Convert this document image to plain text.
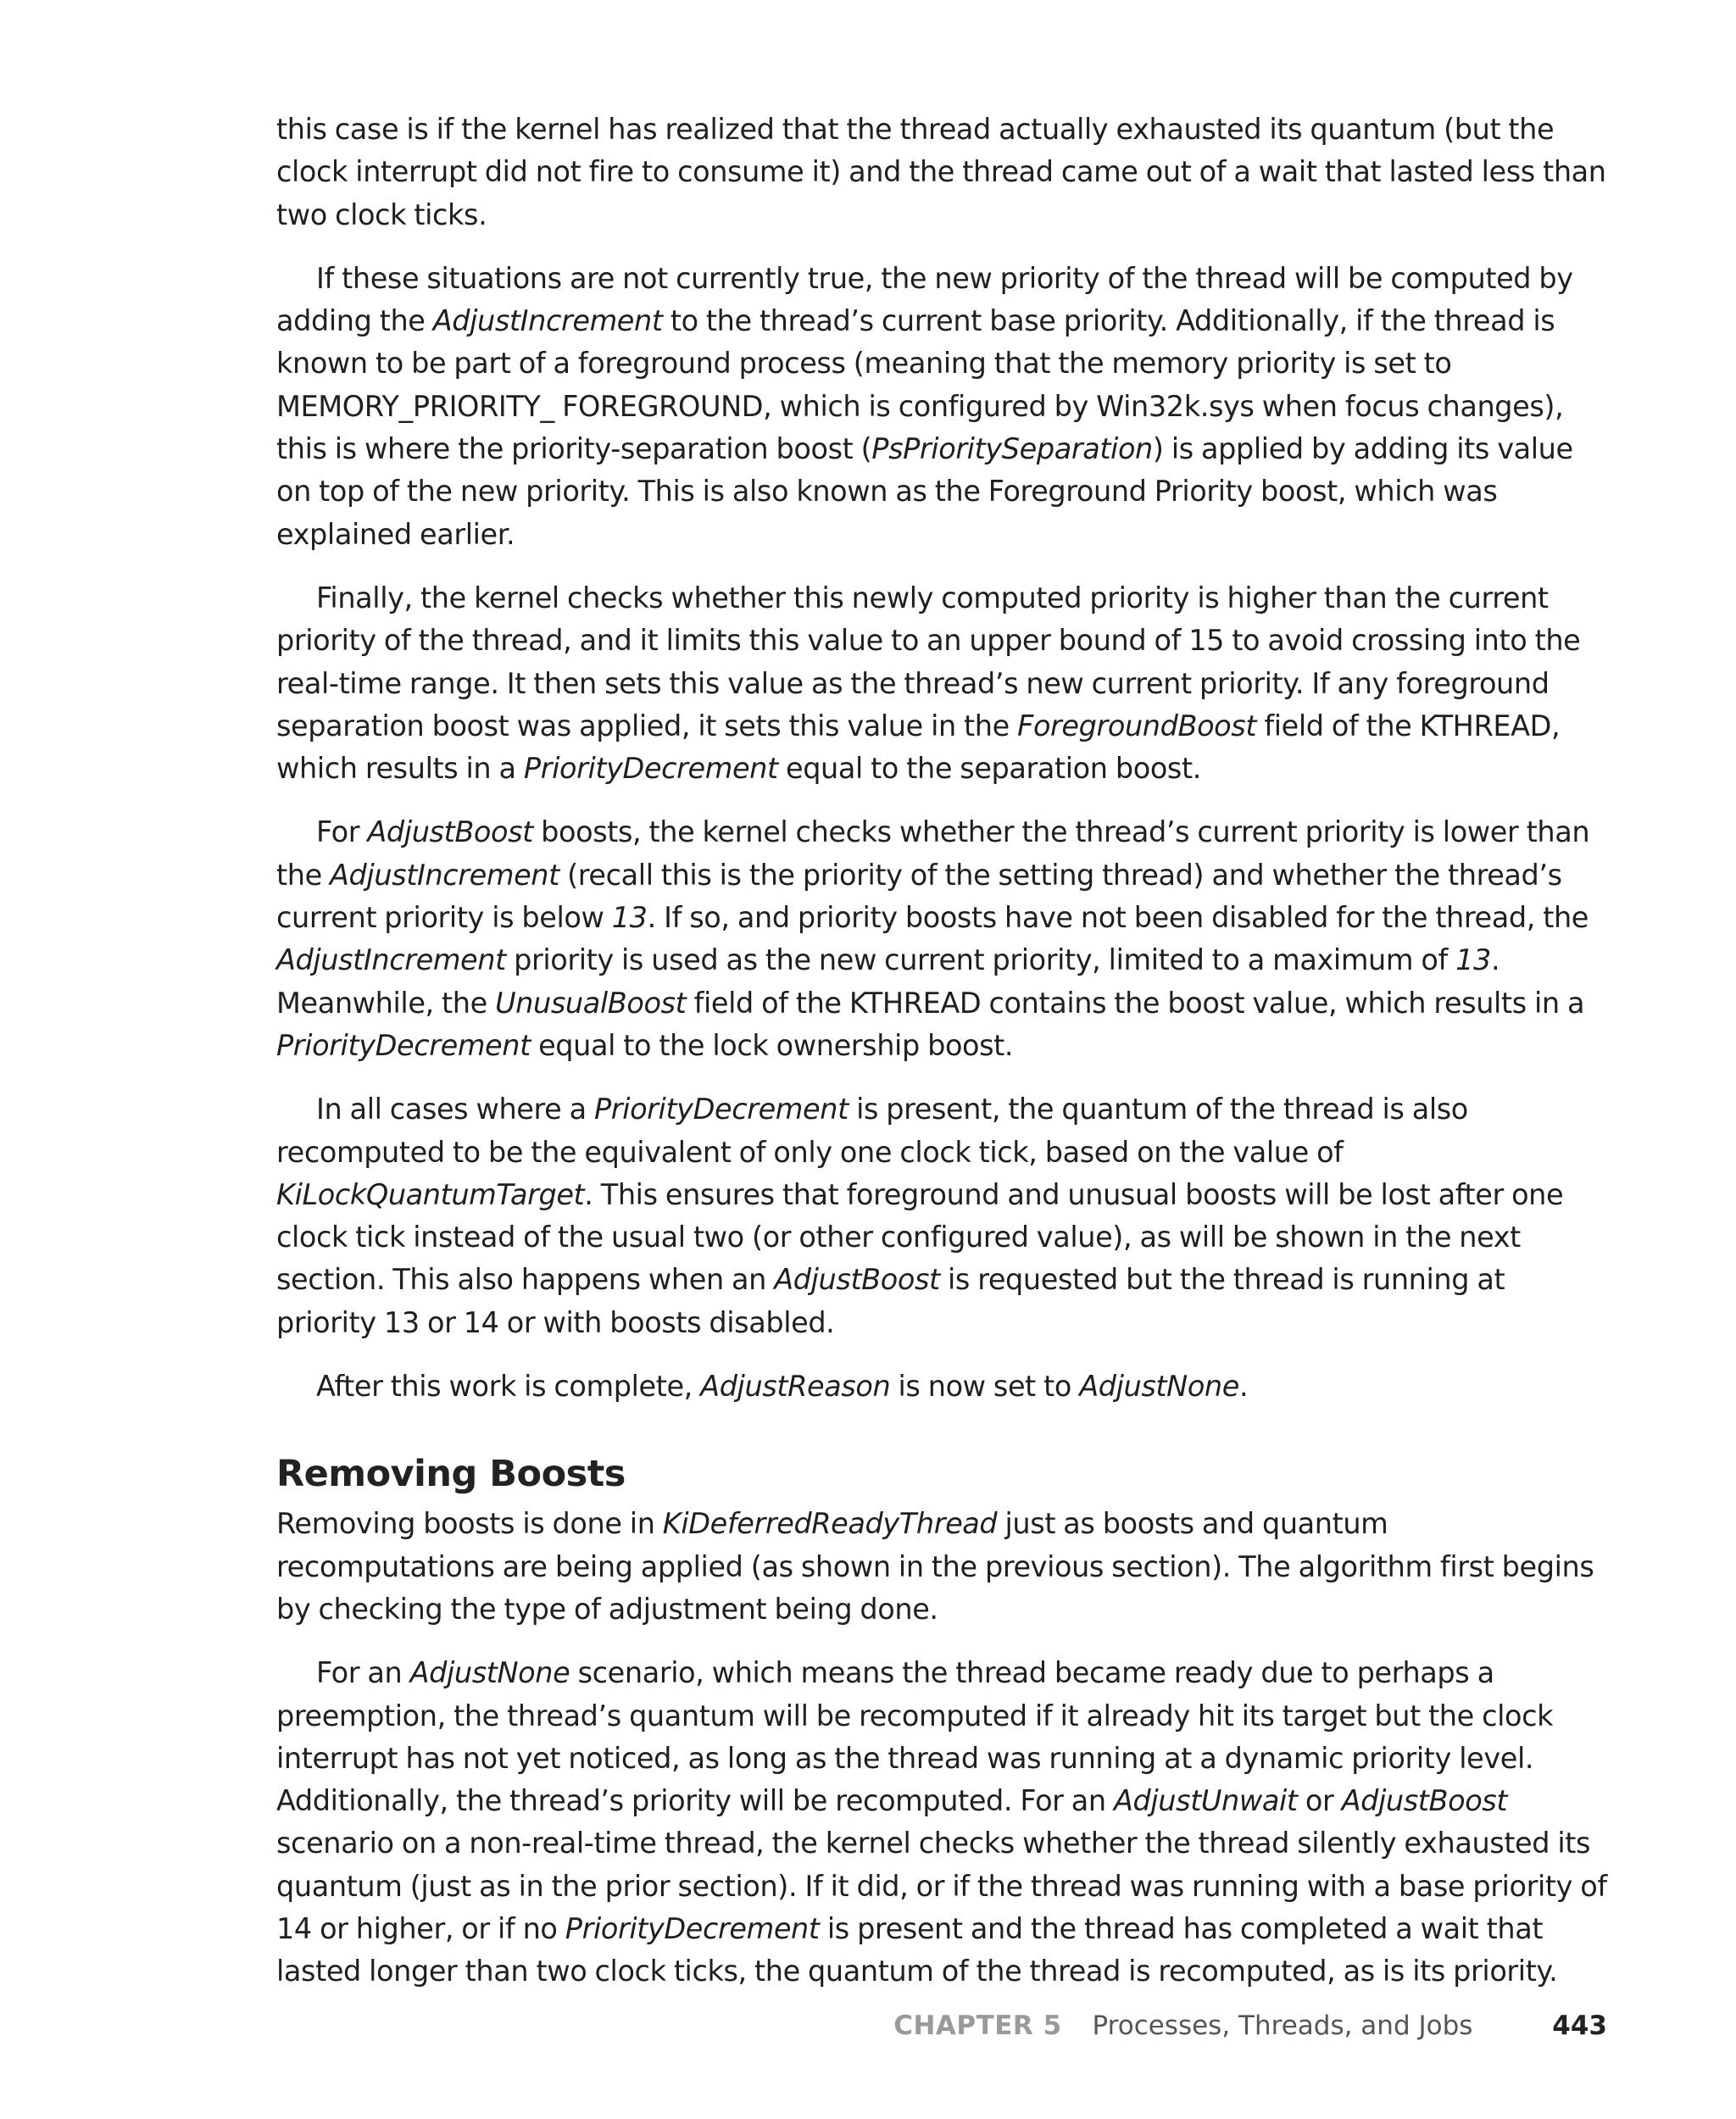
this case is if the kernel has realized that the thread actually exhausted its quantum (but the clock interrupt did not fire to consume it) and the thread came out of a wait that lasted less than two clock ticks.

If these situations are not currently true, the new priority of the thread will be computed by adding the AdjustIncrement to the thread’s current base priority. Additionally, if the thread is known to be part of a foreground process (meaning that the memory priority is set to MEMORY_PRIORITY_ FOREGROUND, which is configured by Win32k.sys when focus changes), this is where the priority-separation boost (PsPrioritySeparation) is applied by adding its value on top of the new priority. This is also known as the Foreground Priority boost, which was explained earlier.

Finally, the kernel checks whether this newly computed priority is higher than the current priority of the thread, and it limits this value to an upper bound of 15 to avoid crossing into the real-time range. It then sets this value as the thread’s new current priority. If any foreground separation boost was applied, it sets this value in the ForegroundBoost field of the KTHREAD, which results in a PriorityDecrement equal to the separation boost.

For AdjustBoost boosts, the kernel checks whether the thread’s current priority is lower than the AdjustIncrement (recall this is the priority of the setting thread) and whether the thread’s current priority is below 13. If so, and priority boosts have not been disabled for the thread, the AdjustIncrement priority is used as the new current priority, limited to a maximum of 13. Meanwhile, the UnusualBoost field of the KTHREAD contains the boost value, which results in a PriorityDecrement equal to the lock ownership boost.

In all cases where a PriorityDecrement is present, the quantum of the thread is also recomputed to be the equivalent of only one clock tick, based on the value of KiLockQuantumTarget. This ensures that foreground and unusual boosts will be lost after one clock tick instead of the usual two (or other configured value), as will be shown in the next section. This also happens when an AdjustBoost is requested but the thread is running at priority 13 or 14 or with boosts disabled.

After this work is complete, AdjustReason is now set to AdjustNone.

Removing Boosts

Removing boosts is done in KiDeferredReadyThread just as boosts and quantum recomputations are being applied (as shown in the previous section). The algorithm first begins by checking the type of adjustment being done.

For an AdjustNone scenario, which means the thread became ready due to perhaps a preemption, the thread’s quantum will be recomputed if it already hit its target but the clock interrupt has not yet noticed, as long as the thread was running at a dynamic priority level. Additionally, the thread’s priority will be recomputed. For an AdjustUnwait or AdjustBoost scenario on a non-real-time thread, the kernel checks whether the thread silently exhausted its quantum (just as in the prior section). If it did, or if the thread was running with a base priority of 14 or higher, or if no PriorityDecrement is present and the thread has completed a wait that lasted longer than two clock ticks, the quantum of the thread is recomputed, as is its priority.

CHAPTER 5 Processes, Threads, and Jobs	443
